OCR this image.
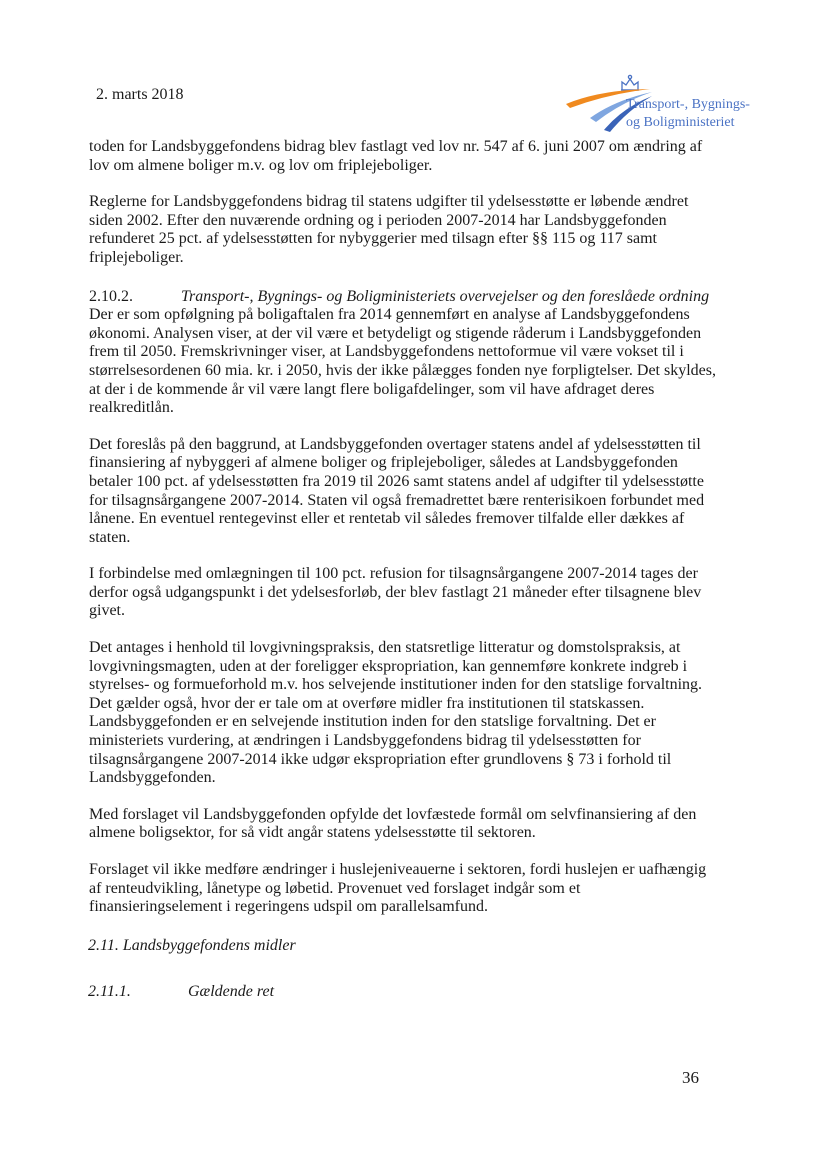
2. marts 2018
Transport-, Bygnings-
og Boligministeriet

toden for Landsbyggefondens bidrag blev fastlagt ved lov nr. 547 af 6. juni 2007 om ændring af lov om almene boliger m.v. og lov om friplejeboliger.

Reglerne for Landsbyggefondens bidrag til statens udgifter til ydelsesstøtte er løbende ændret siden 2002. Efter den nuværende ordning og i perioden 2007-2014 har Landsbyggefonden refunderet 25 pct. af ydelsesstøtten for nybyggerier med tilsagn efter §§ 115 og 117 samt friplejeboliger.

2.10.2.	Transport-, Bygnings- og Boligministeriets overvejelser og den foreslåede ordning

Der er som opfølgning på boligaftalen fra 2014 gennemført en analyse af Landsbyggefondens økonomi. Analysen viser, at der vil være et betydeligt og stigende råderum i Landsbyggefonden frem til 2050. Fremskrivninger viser, at Landsbyggefondens nettoformue vil være vokset til i størrelsesordenen 60 mia. kr. i 2050, hvis der ikke pålægges fonden nye forpligtelser. Det skyldes, at der i de kommende år vil være langt flere boligafdelinger, som vil have afdraget deres realkreditlån.

Det foreslås på den baggrund, at Landsbyggefonden overtager statens andel af ydelsesstøtten til finansiering af nybyggeri af almene boliger og friplejeboliger, således at Landsbyggefonden betaler 100 pct. af ydelsesstøtten fra 2019 til 2026 samt statens andel af udgifter til ydelsesstøtte for tilsagnsårgangene 2007-2014. Staten vil også fremadrettet bære renterisikoen forbundet med lånene. En eventuel rentegevinst eller et rentetab vil således fremover tilfalde eller dækkes af staten.

I forbindelse med omlægningen til 100 pct. refusion for tilsagnsårgangene 2007-2014 tages der derfor også udgangspunkt i det ydelsesforløb, der blev fastlagt 21 måneder efter tilsagnene blev givet.

Det antages i henhold til lovgivningspraksis, den statsretlige litteratur og domstolspraksis, at lovgivningsmagten, uden at der foreligger ekspropriation, kan gennemføre konkrete indgreb i styrelses- og formueforhold m.v. hos selvejende institutioner inden for den statslige forvaltning. Det gælder også, hvor der er tale om at overføre midler fra institutionen til statskassen. Landsbyggefonden er en selvejende institution inden for den statslige forvaltning. Det er ministeriets vurdering, at ændringen i Landsbyggefondens bidrag til ydelsesstøtten for tilsagnsårgangene 2007-2014 ikke udgør ekspropriation efter grundlovens § 73 i forhold til Landsbyggefonden.

Med forslaget vil Landsbyggefonden opfylde det lovfæstede formål om selvfinansiering af den almene boligsektor, for så vidt angår statens ydelsesstøtte til sektoren.

Forslaget vil ikke medføre ændringer i huslejeniveauerne i sektoren, fordi huslejen er uafhængig af renteudvikling, lånetype og løbetid. Provenuet ved forslaget indgår som et finansieringselement i regeringens udspil om parallelsamfund.

2.11. Landsbyggefondens midler
2.11.1.	Gældende ret
36
